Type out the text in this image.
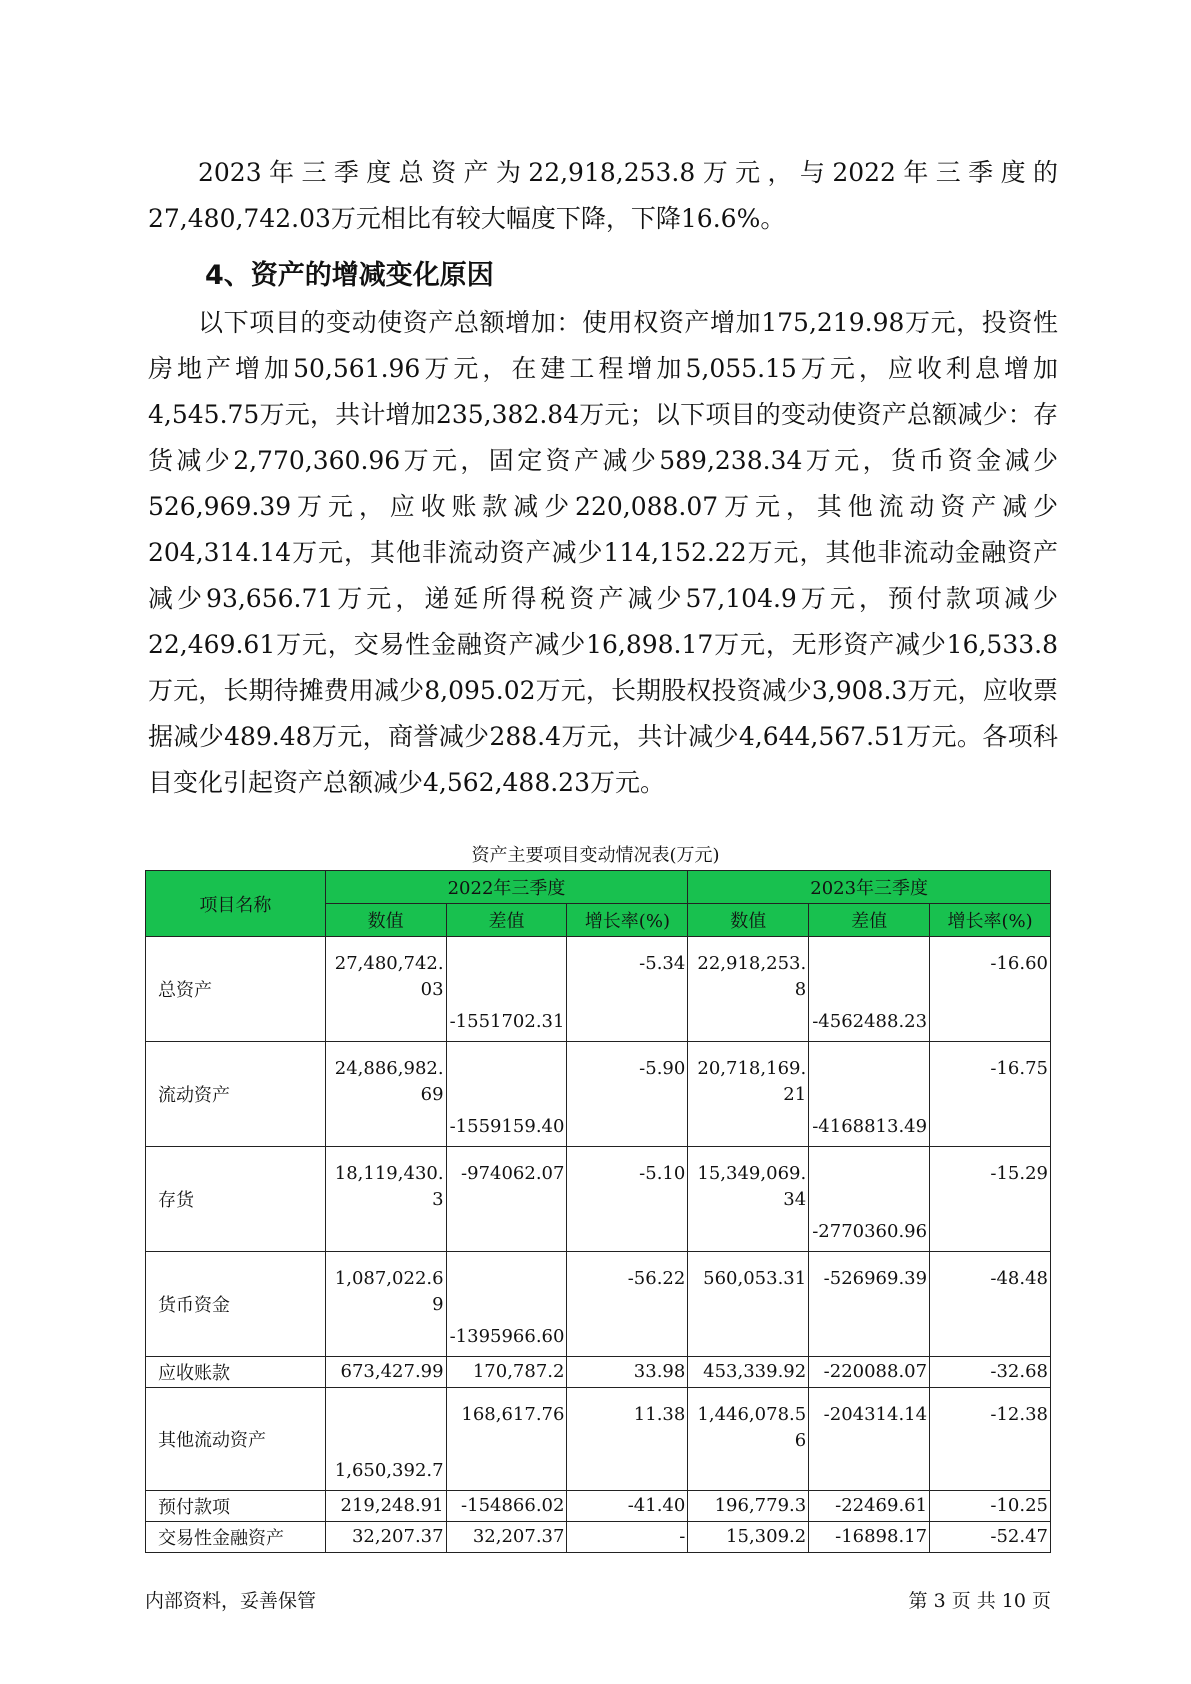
2023年三季度总资产为22,918,253.8万元，与2022年三季度的27,480,742.03万元相比有较大幅度下降，下降16.6%。

4、资产的增减变化原因

以下项目的变动使资产总额增加：使用权资产增加175,219.98万元，投资性房地产增加50,561.96万元，在建工程增加5,055.15万元，应收利息增加4,545.75万元，共计增加235,382.84万元；以下项目的变动使资产总额减少：存货减少2,770,360.96万元，固定资产减少589,238.34万元，货币资金减少526,969.39万元，应收账款减少220,088.07万元，其他流动资产减少204,314.14万元，其他非流动资产减少114,152.22万元，其他非流动金融资产减少93,656.71万元，递延所得税资产减少57,104.9万元，预付款项减少22,469.61万元，交易性金融资产减少16,898.17万元，无形资产减少16,533.8万元，长期待摊费用减少8,095.02万元，长期股权投资减少3,908.3万元，应收票据减少489.48万元，商誉减少288.4万元，共计减少4,644,567.51万元。各项科目变化引起资产总额减少4,562,488.23万元。

资产主要项目变动情况表(万元)
项目名称	2022年三季度			2023年三季度		
	数值	差值	增长率(%)	数值	差值	增长率(%)
总资产	27,480,742.03	-1551702.31	-5.34	22,918,253.8	-4562488.23	-16.60
流动资产	24,886,982.69	-1559159.40	-5.90	20,718,169.21	-4168813.49	-16.75
存货	18,119,430.3	-974062.07	-5.10	15,349,069.34	-2770360.96	-15.29
货币资金	1,087,022.69	-1395966.60	-56.22	560,053.31	-526969.39	-48.48
应收账款	673,427.99	170,787.2	33.98	453,339.92	-220088.07	-32.68
其他流动资产	1,650,392.7	168,617.76	11.38	1,446,078.56	-204314.14	-12.38
预付款项	219,248.91	-154866.02	-41.40	196,779.3	-22469.61	-10.25
交易性金融资产	32,207.37	32,207.37	-	15,309.2	-16898.17	-52.47
内部资料，妥善保管	第 3 页 共 10 页
